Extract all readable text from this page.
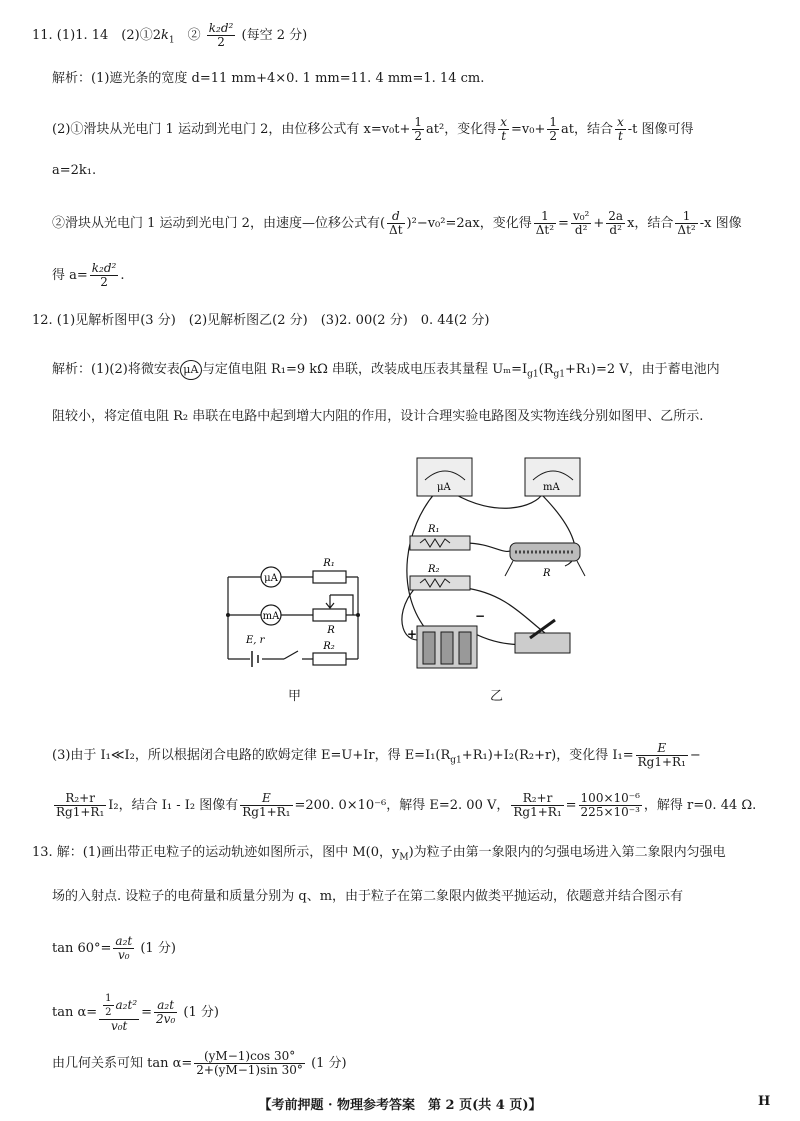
11. (1)1. 14　$(2)①2k_1$　② $\frac{\text{k₂d²}}{2}$ (每空 2 分)
解析：(1)遮光条的宽度 d=11 mm+4×0. 1 mm=11. 4 mm=1. 14 cm.
(2)①滑块从光电门 1 运动到光电门 2，由位移公式有 $x=v_0t+ \frac{1}{2} at^2$，变化得 $\frac{x}{t} =v_0+ \frac{1}{2}$ at，结合 $\frac{x}{t} -t$ 图像可得
a=2k₁.
②滑块从光电门 1 运动到光电门 2，由速度—位移公式有( $\frac{d}{\Delta t} )^2-v_0^2=2ax$，变化得 $\frac{1}{\text{Δt²}} = \frac{\text{v₀²}}{\text{d²}} + \frac{2a}{\text{d²}}$ x，结合 $\frac{1}{\text{Δt²}} -x$ 图像
得 $a= \frac{\text{k₂d²}}{2}$ .
12. (1)见解析图甲(3 分)　(2)见解析图乙(2 分)　(3)2. 00(2 分)　0. 44(2 分)
解析：(1)(2)将微安表 μA 与定值电阻 R₁=9 kΩ 串联，改装成电压表其量程 $U_m=I_{g1}(R_{g1}+R_1)=2$ V，由于蓄电池内
阻较小，将定值电阻 R₂ 串联在电路中起到增大内阻的作用，设计合理实验电路图及实物连线分别如图甲、乙所示.
μA
mA
R₁
R
E, r
R₂
甲
μA	mA
R₁
R₂	R
+
−
乙
(3)由于 I₁≪I₂，所以根据闭合电路的欧姆定律 E=U+Ir，得 $E=I_1(R_{g1}+R_1)+I_2(R_2+r)$，变化得 $I_1= \frac{E}{\text{Rg1+R₁}}$ −
$\frac{\text{R₂+r}}{\text{Rg1+R₁}} I_2$，结合 I₁ - I₂ 图像有 $\frac{E}{\text{Rg1+R₁}} =200$. 0×10⁻⁶，解得 E=2. 00 V， $\frac{\text{R₂+r}}{\text{Rg1+R₁}} = \frac{\text{100×10⁻⁶}}{\text{225×10⁻³}}$ ，解得 r=0. 44 Ω.
13. 解：(1)画出带正电粒子的运动轨迹如图所示，图中 M(0，$y_M$)为粒子由第一象限内的匀强电场进入第二象限内匀强电
场的入射点. 设粒子的电荷量和质量分别为 q、m，由于粒子在第二象限内做类平抛运动，依题意并结合图示有
$\tan 60^\circ= \frac{\text{a₂t}}{\text{v₀}} (1$ 分)
$\tan \alpha= \frac{\frac{1}{2} a_2t^2}{\text{v₀t}} = \frac{\text{a₂t}}{\text{2v₀}} (1$ 分)
由几何关系可知 $\tan \alpha= \frac{(yM-1)\cos 30^\circ}{2+(yM-1)\sin 30^\circ} (1$ 分)
【考前押题 · 物理参考答案　第 2 页(共 4 页)】	H
